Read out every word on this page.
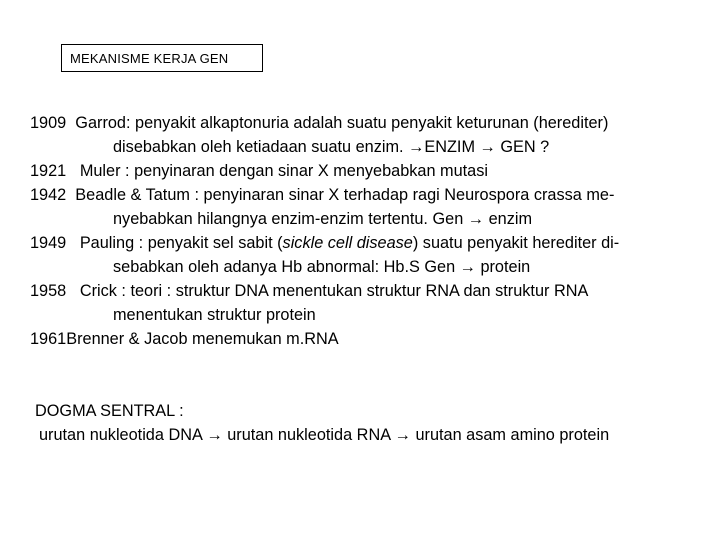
MEKANISME KERJA GEN
1909 Garrod: penyakit alkaptonuria adalah suatu penyakit keturunan (herediter)
disebabkan oleh ketiadaan suatu enzim. →ENZIM → GEN ?
1921 Muler : penyinaran dengan sinar X menyebabkan mutasi
1942 Beadle & Tatum : penyinaran sinar X terhadap ragi Neurospora crassa me-
nyebabkan hilangnya enzim-enzim tertentu. Gen → enzim
1949 Pauling : penyakit sel sabit (sickle cell disease) suatu penyakit herediter di-
sebabkan oleh adanya Hb abnormal: Hb.S Gen → protein
1958 Crick : teori : struktur DNA menentukan struktur RNA dan struktur RNA
menentukan struktur protein
1961Brenner & Jacob menemukan m.RNA
DOGMA SENTRAL :
urutan nukleotida DNA → urutan nukleotida RNA → urutan asam amino protein
